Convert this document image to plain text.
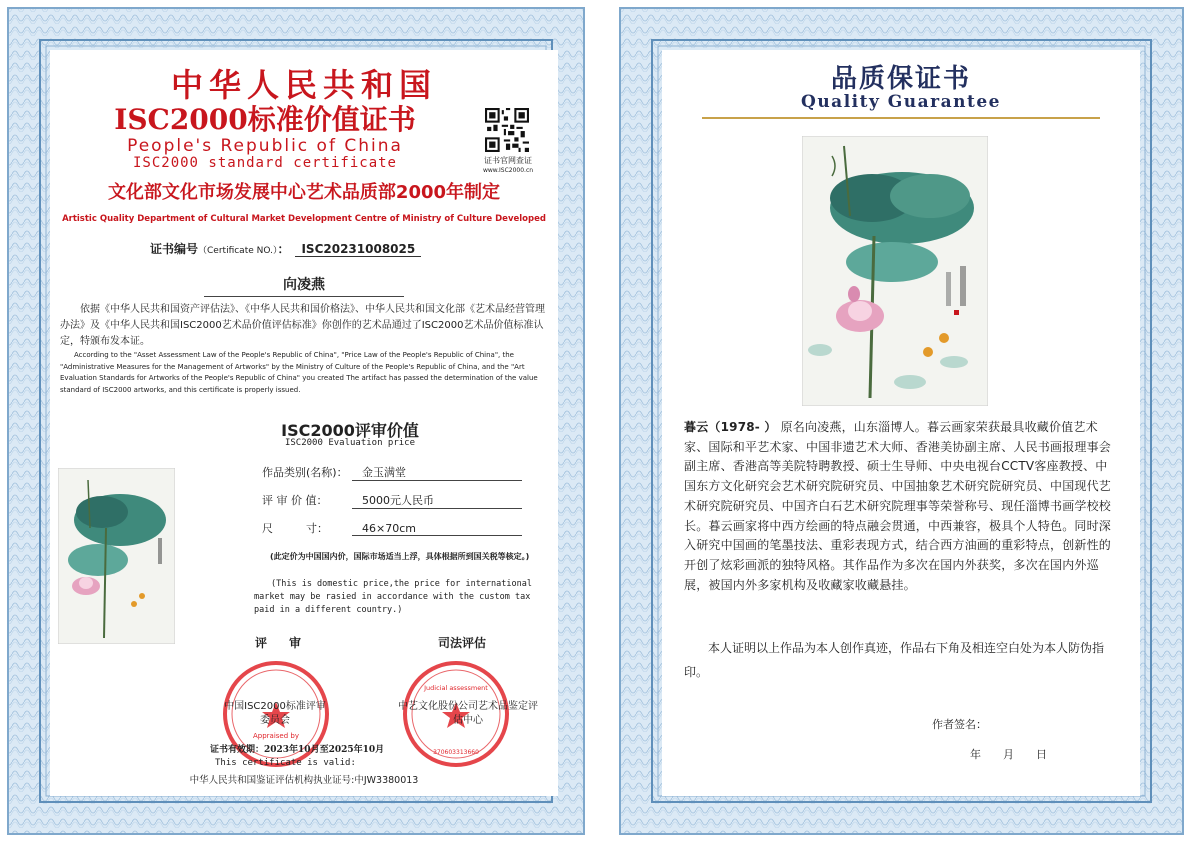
中华人民共和国
ISC2000标准价值证书
People's Republic of China
ISC2000 standard certificate	证书官网查证
www.ISC2000.cn
文化部文化市场发展中心艺术品质部2000年制定
Artistic Quality Department of Cultural Market Development Centre of Ministry of Culture Developed
证书编号（Certificate NO.）： ISC20231008025
向凌燕
依据《中华人民共和国资产评估法》、《中华人民共和国价格法》、中华人民共和国文化部《艺术品经营管理办法》及《中华人民共和国ISC2000艺术品价值评估标准》你创作的艺术品通过了ISC2000艺术品价值标准认定，特颁布发本证。
According to the "Asset Assessment Law of the People's Republic of China", "Price Law of the People's Republic of China", the "Administrative Measures for the Management of Artworks" by the Ministry of Culture of the People's Republic of China, and the "Art Evaluation Standards for Artworks of the People's Republic of China" you created The artifact has passed the determination of the value standard of ISC2000 artworks, and this certificate is properly issued.
ISC2000评审价值
ISC2000 Evaluation price
作品类别(名称)： 金玉满堂
评 审 价 值：	5000元人民币
尺　　　寸：	46×70cm
(此定价为中国国内价，国际市场适当上浮，具体根据所到国关税等核定。)
(This is domestic price,the price for international market may be rasied in accordance with the custom tax paid in a different country.)
评审	司法评估
Appraised by
Judicial assessment
370603313660
中国ISC2000标准评审委员会
中艺文化股份公司艺术品鉴定评估中心
证书有效期：2023年10月至2025年10月
This certificate is valid:
中华人民共和国鉴证评估机构执业证号:中JW3380013
品质保证书
Quality Guarantee
暮云（1978- ） 原名向凌燕，山东淄博人。暮云画家荣获最具收藏价值艺术家、国际和平艺术家、中国非遗艺术大师、香港美协副主席、人民书画报理事会副主席、香港高等美院特聘教授、硕士生导师、中央电视台CCTV客座教授、中国东方文化研究会艺术研究院研究员、中国抽象艺术研究院研究员、中国现代艺术研究院研究员、中国齐白石艺术研究院理事等荣誉称号、现任淄博书画学校校长。暮云画家将中西方绘画的特点融会贯通，中西兼容，极具个人特色。同时深入研究中国画的笔墨技法、重彩表现方式，结合西方油画的重彩特点，创新性的开创了炫彩画派的独特风格。其作品作为多次在国内外获奖，多次在国内外巡展，被国内外多家机构及收藏家收藏悬挂。
本人证明以上作品为本人创作真迹，作品右下角及相连空白处为本人防伪指印。
作者签名：
年　　月　　日
